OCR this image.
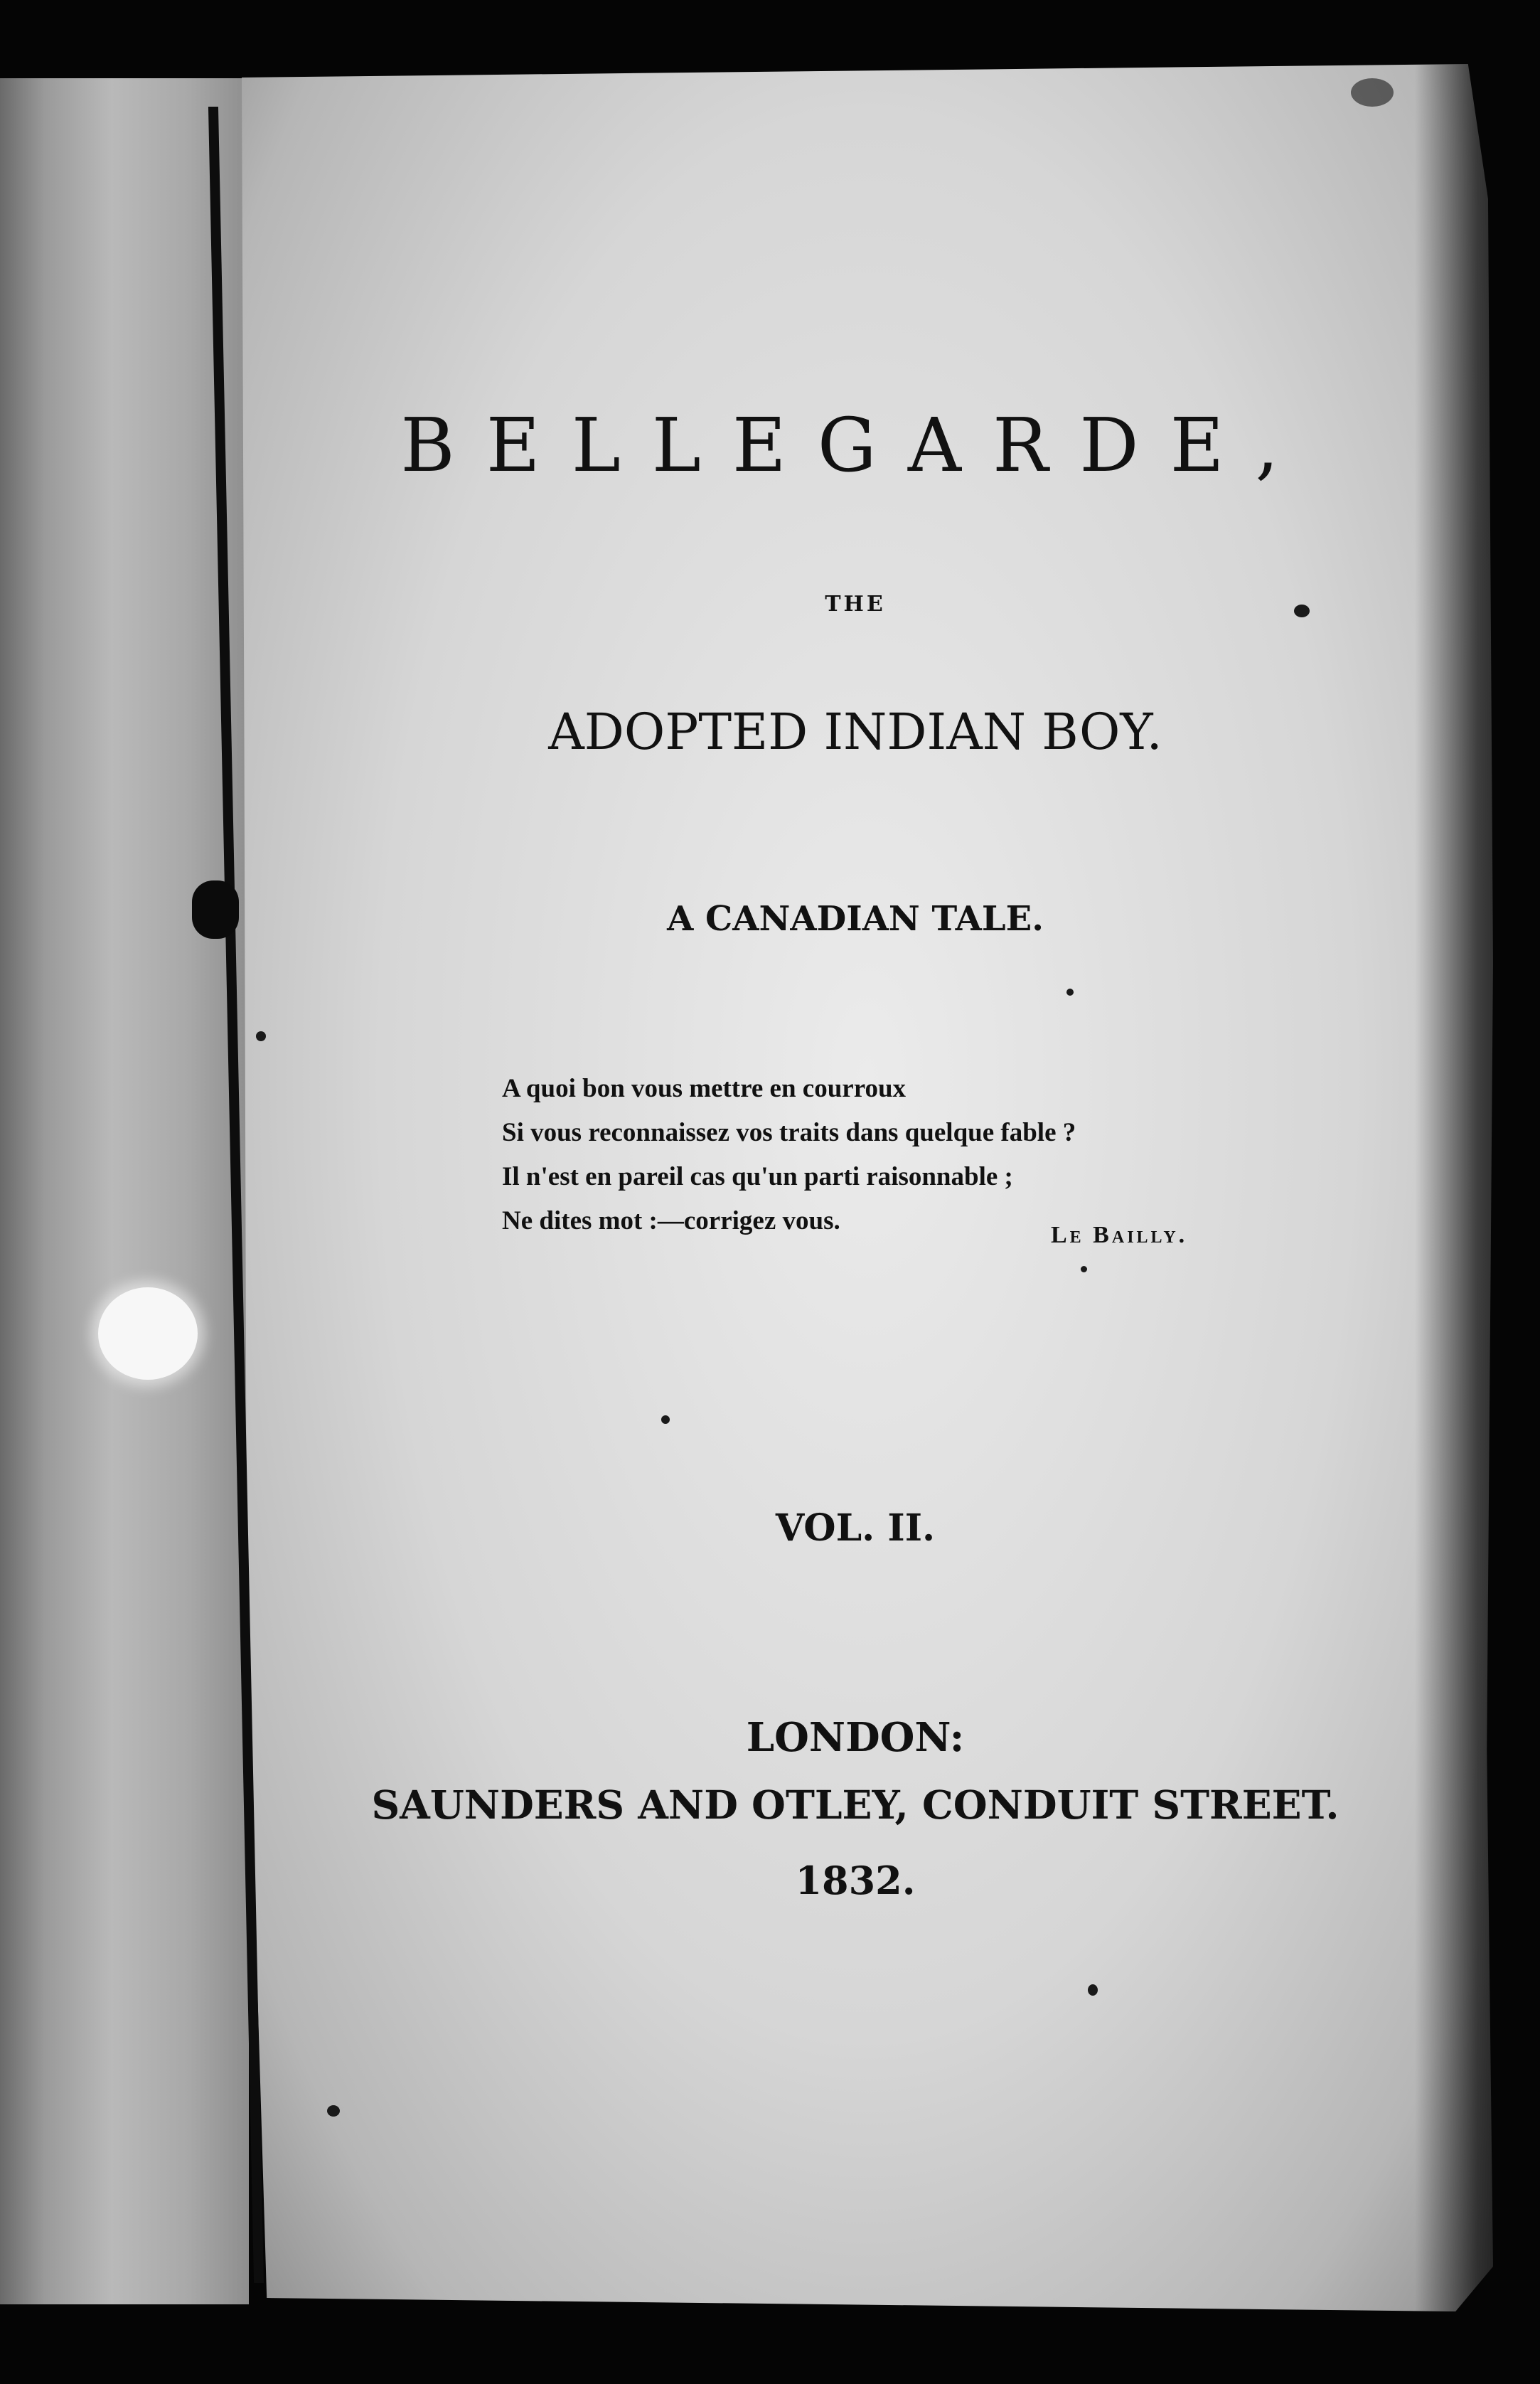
BELLEGARDE,

THE

ADOPTED INDIAN BOY.

A CANADIAN TALE.

A quoi bon vous mettre en courroux
Si vous reconnaissez vos traits dans quelque fable ?
Il n'est en pareil cas qu'un parti raisonnable ;
Ne dites mot :—corrigez vous.	Le Bailly.

VOL. II.

LONDON:

SAUNDERS AND OTLEY, CONDUIT STREET.

1832.
